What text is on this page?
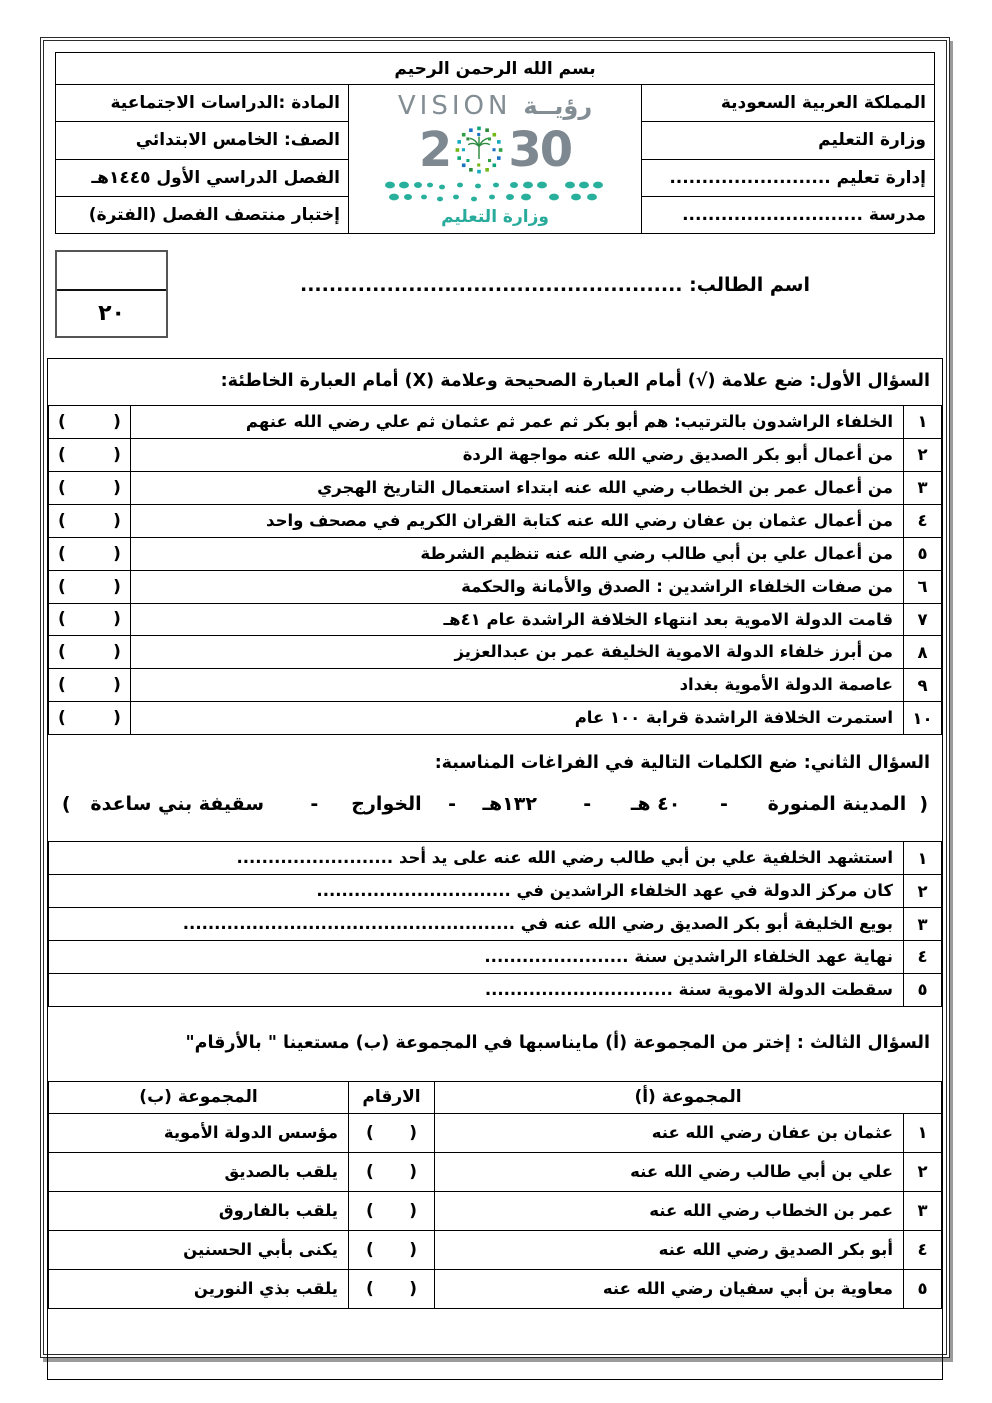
بسم الله الرحمن الرحيم		
المملكة العربية السعودية	VISION رؤيــة
2 30
وزارة التعليم	المادة :الدراسات الاجتماعية
وزارة التعليم		الصف: الخامس الابتدائي
إدارة تعليم .........................		الفصل الدراسي الأول ١٤٤٥هـ
مدرسة ............................		إختبار منتصف الفصل (الفترة)
٢٠
اسم الطالب: .....................................................
السؤال الأول: ضع علامة (√) أمام العبارة الصحيحة وعلامة (X) أمام العبارة الخاطئة:
١	الخلفاء الراشدون بالترتيب: هم أبو بكر ثم عمر ثم عثمان ثم علي رضي الله عنهم	(        )
٢	من أعمال أبو بكر الصديق رضي الله عنه مواجهة الردة	(        )
٣	من أعمال عمر بن الخطاب رضي الله عنه ابتداء استعمال التاريخ الهجري	(        )
٤	من أعمال عثمان بن عفان رضي الله عنه كتابة القران الكريم في مصحف واحد	(        )
٥	من أعمال علي بن أبي طالب رضي الله عنه تنظيم الشرطة	(        )
٦	من صفات الخلفاء الراشدين : الصدق والأمانة والحكمة	(        )
٧	قامت الدولة الاموية بعد انتهاء الخلافة الراشدة عام ٤١هـ	(        )
٨	من أبرز خلفاء الدولة الاموية الخليفة عمر بن عبدالعزيز	(        )
٩	عاصمة الدولة الأموية بغداد	(        )
١٠	استمرت الخلافة الراشدة قرابة ١٠٠ عام	(        )
السؤال الثاني: ضع الكلمات التالية في الفراغات المناسبة:
(  المدينة المنورة      -      ٤٠ هـ      -       ١٣٢هـ    -    الخوارج     -       سقيفة بني ساعدة   )
١	استشهد الخلفية علي بن أبي طالب رضي الله عنه على يد أحد .........................
٢	كان مركز الدولة في عهد الخلفاء الراشدين في ...............................
٣	بويع الخليفة أبو بكر الصديق رضي الله عنه في .....................................................
٤	نهاية عهد الخلفاء الراشدين سنة .......................
٥	سقطت الدولة الاموية سنة ..............................
السؤال الثالث : إختر من المجموعة (أ) مايناسبها في المجموعة (ب) مستعينا " بالأرقام"
المجموعة (أ)		الارقام	المجموعة (ب)
١	عثمان بن عفان رضي الله عنه	(      )	مؤسس الدولة الأموية
٢	علي بن أبي طالب رضي الله عنه	(      )	يلقب بالصديق
٣	عمر بن الخطاب رضي الله عنه	(      )	يلقب بالفاروق
٤	أبو بكر الصديق رضي الله عنه	(      )	يكنى بأبي الحسنين
٥	معاوية بن أبي سفيان رضي الله عنه	(      )	يلقب بذي النورين
